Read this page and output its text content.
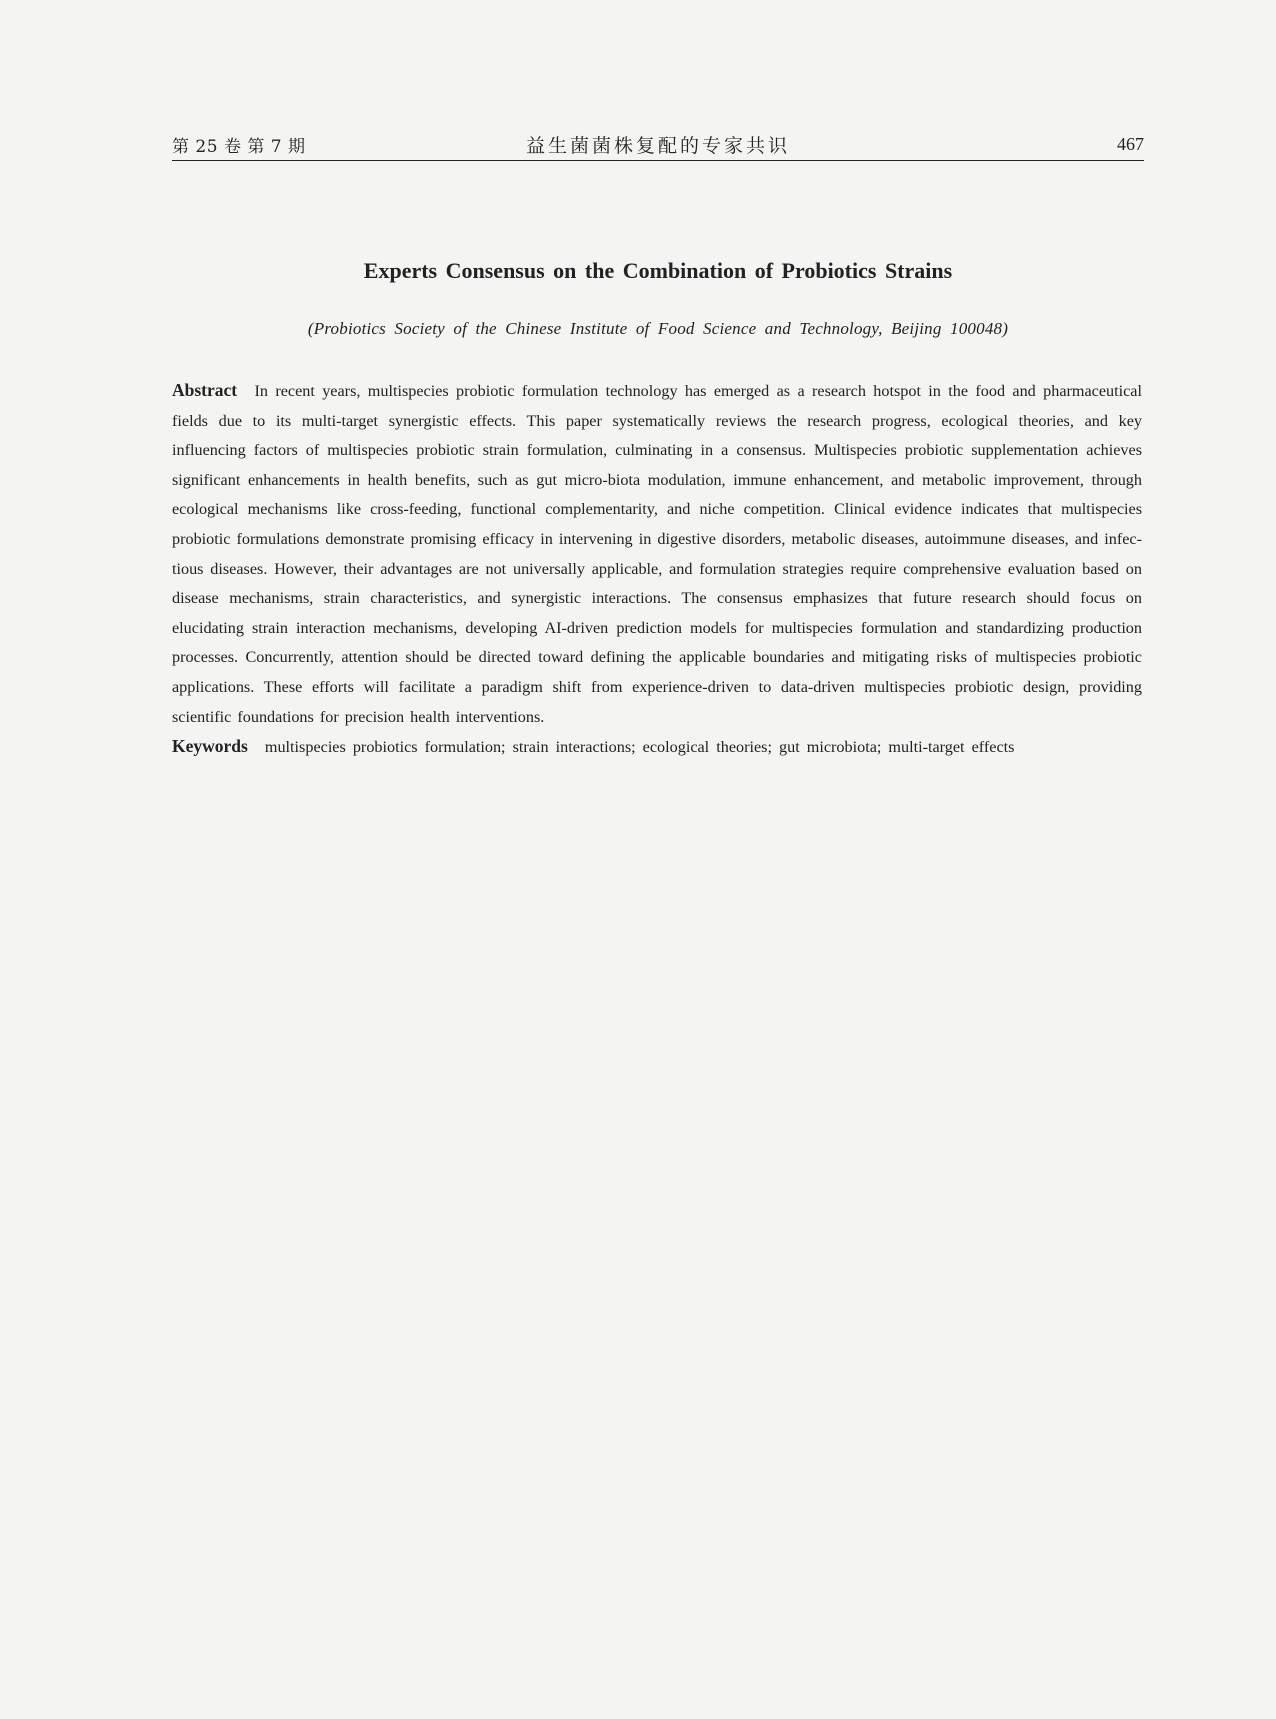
第 25 卷 第 7 期	益生菌菌株复配的专家共识	467
Experts Consensus on the Combination of Probiotics Strains
(Probiotics Society of the Chinese Institute of Food Science and Technology, Beijing 100048)
Abstract In recent years, multispecies probiotic formulation technology has emerged as a research hotspot in the food and pharmaceutical fields due to its multi-target synergistic effects. This paper systematically reviews the research progress, ecological theories, and key influencing factors of multispecies probiotic strain formulation, culminating in a consensus. Multispecies probiotic supplementation achieves significant enhancements in health benefits, such as gut micro-biota modulation, immune enhancement, and metabolic improvement, through ecological mechanisms like cross-feeding, functional complementarity, and niche competition. Clinical evidence indicates that multispecies probiotic formulations demonstrate promising efficacy in intervening in digestive disorders, metabolic diseases, autoimmune diseases, and infec-tious diseases. However, their advantages are not universally applicable, and formulation strategies require comprehensive evaluation based on disease mechanisms, strain characteristics, and synergistic interactions. The consensus emphasizes that future research should focus on elucidating strain interaction mechanisms, developing AI-driven prediction models for multispecies formulation and standardizing production processes. Concurrently, attention should be directed toward defining the applicable boundaries and mitigating risks of multispecies probiotic applications. These efforts will facilitate a paradigm shift from experience-driven to data-driven multispecies probiotic design, providing scientific foundations for precision health interventions.
Keywords multispecies probiotics formulation; strain interactions; ecological theories; gut microbiota; multi-target effects
